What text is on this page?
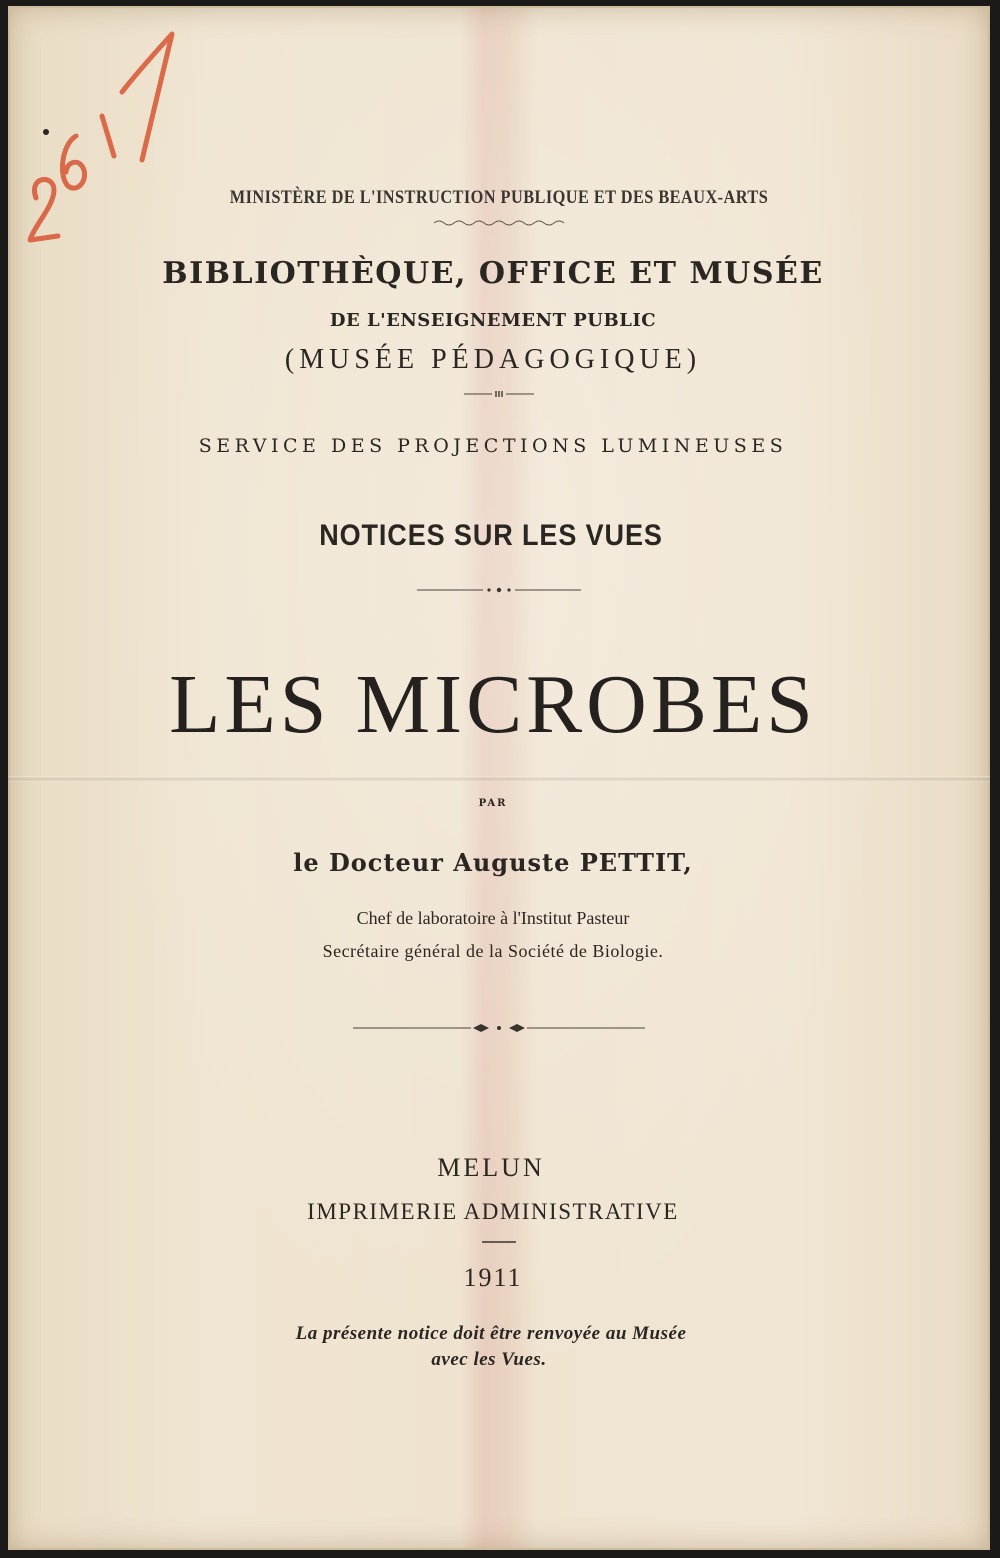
MINISTÈRE DE L'INSTRUCTION PUBLIQUE ET DES BEAUX-ARTS
BIBLIOTHÈQUE, OFFICE ET MUSÉE
DE L'ENSEIGNEMENT PUBLIC
(MUSÉE PÉDAGOGIQUE)
SERVICE DES PROJECTIONS LUMINEUSES
NOTICES SUR LES VUES
LES MICROBES
PAR
le Docteur Auguste PETTIT,
Chef de laboratoire à l'Institut Pasteur
Secrétaire général de la Société de Biologie.
MELUN
IMPRIMERIE ADMINISTRATIVE
1911
La présente notice doit être renvoyée au Musée
avec les Vues.
